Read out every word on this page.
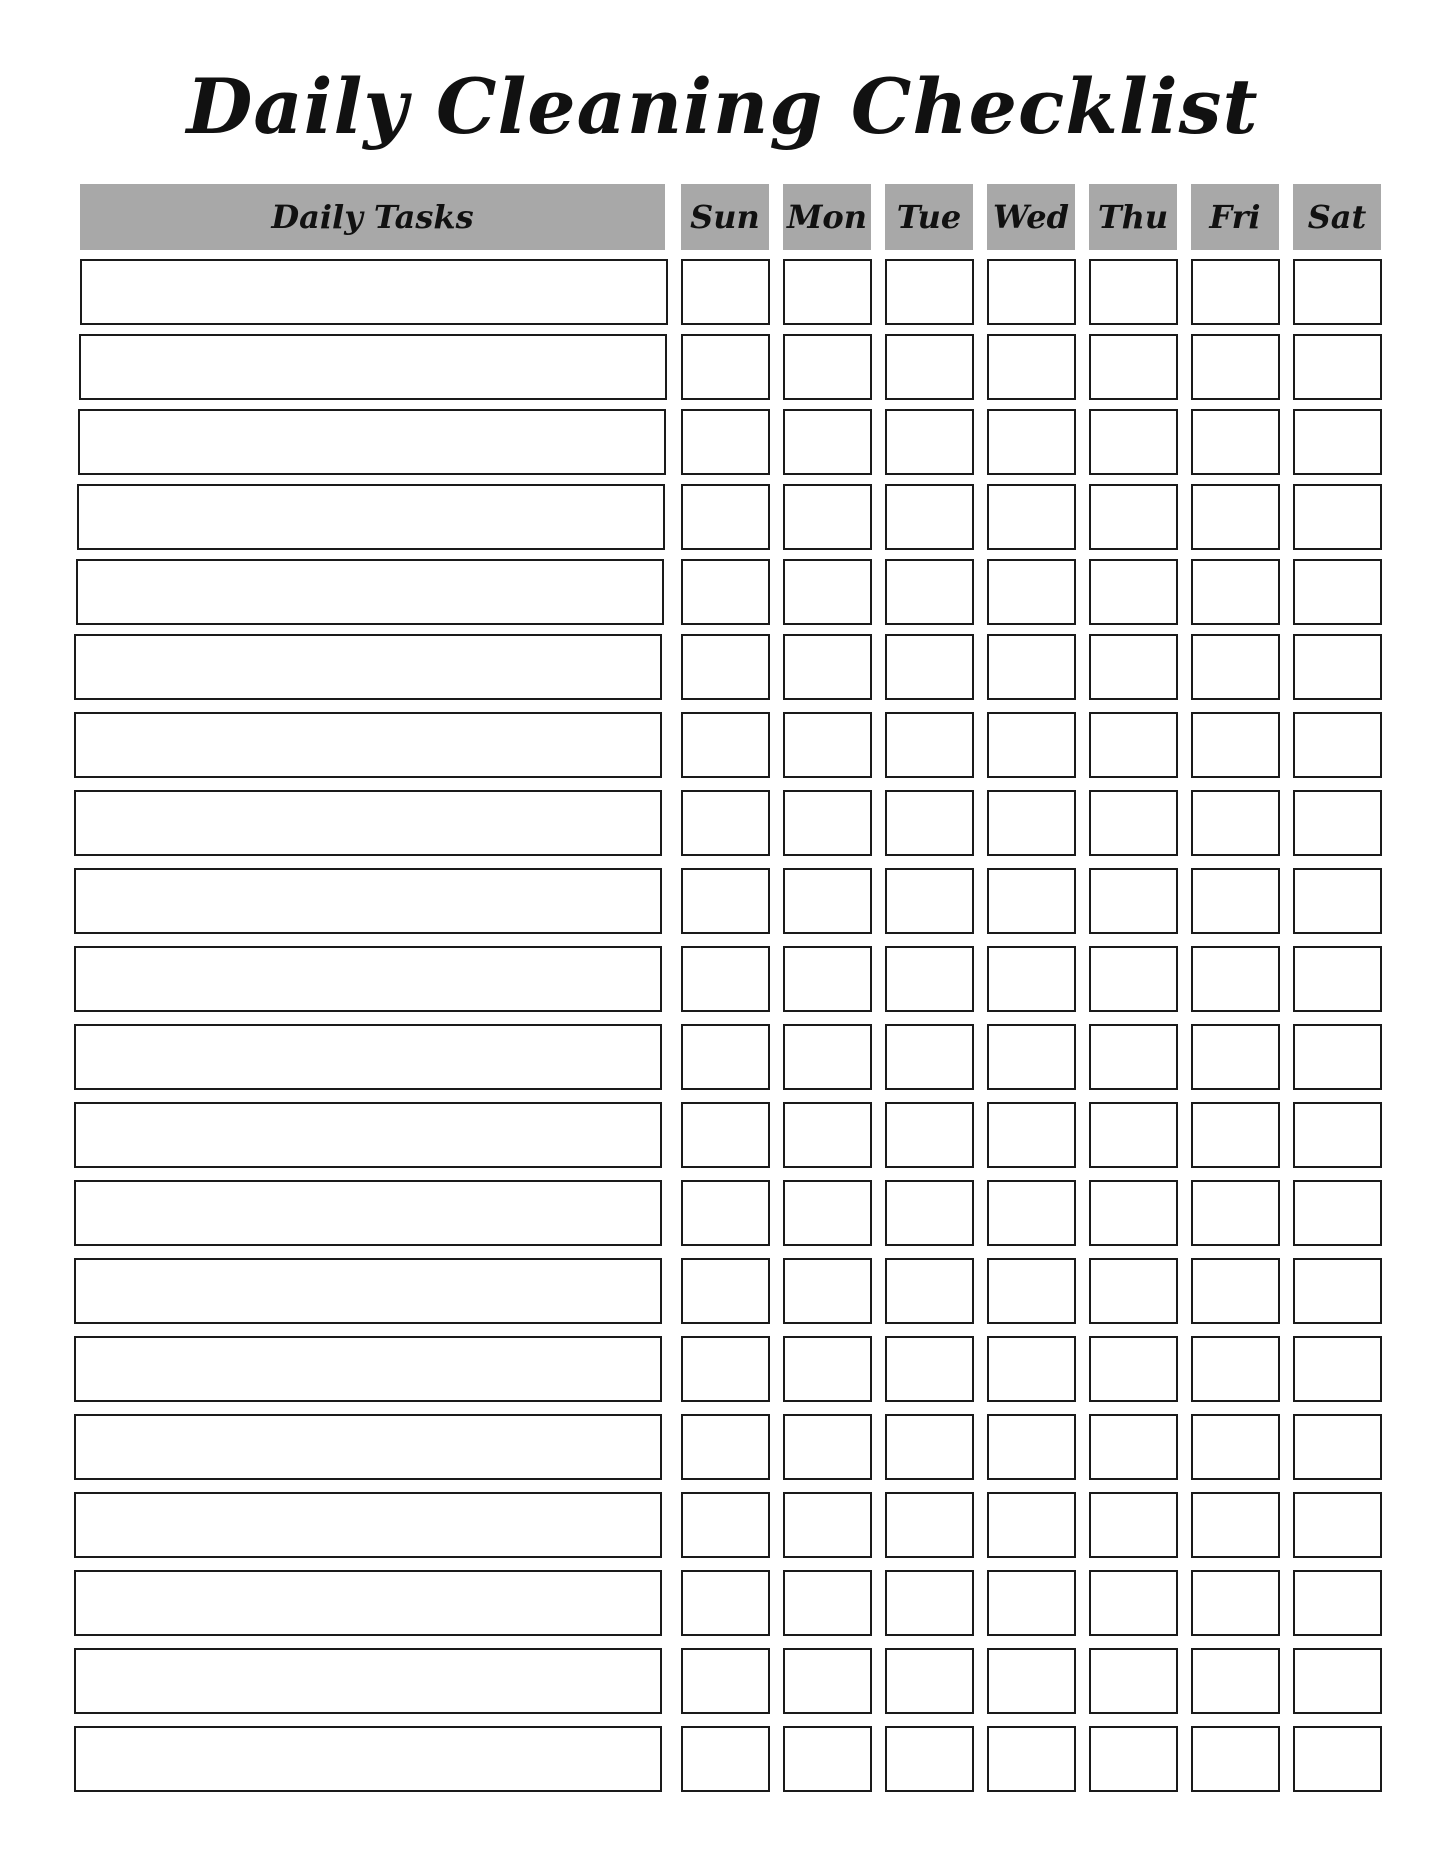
Daily Cleaning Checklist
Daily Tasks	Sun Mon Tue Wed Thu	Fri	Sat
